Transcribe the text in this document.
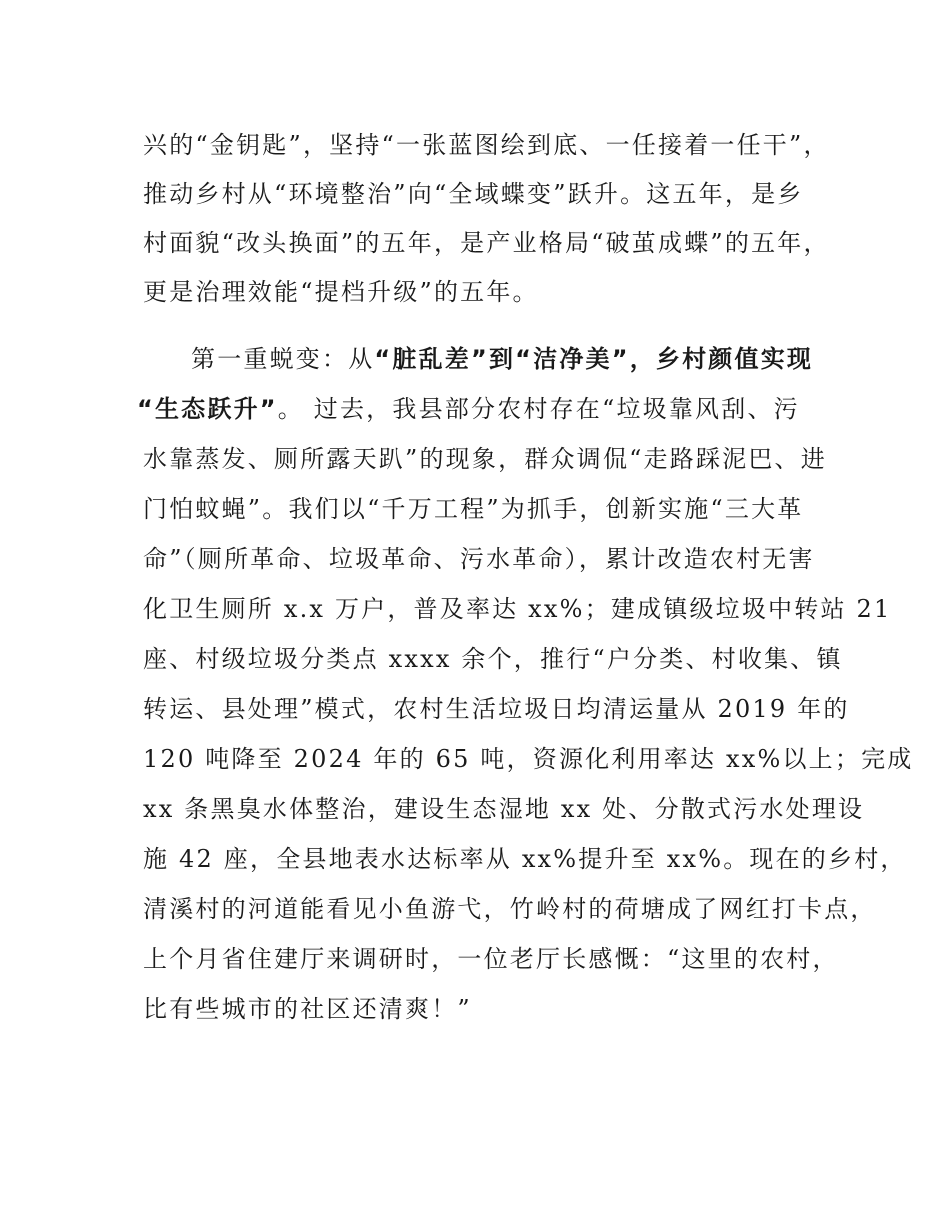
兴的“金钥匙”，坚持“一张蓝图绘到底、一任接着一任干”，
推动乡村从“环境整治”向“全域蝶变”跃升。这五年，是乡
村面貌“改头换面”的五年，是产业格局“破茧成蝶”的五年，
更是治理效能“提档升级”的五年。
第一重蜕变：从“脏乱差”到“洁净美”，乡村颜值实现
“生态跃升”。 过去，我县部分农村存在“垃圾靠风刮、污
水靠蒸发、厕所露天趴”的现象，群众调侃“走路踩泥巴、进
门怕蚊蝇”。我们以“千万工程”为抓手，创新实施“三大革
命”（厕所革命、垃圾革命、污水革命），累计改造农村无害
化卫生厕所 x.x 万户，普及率达 xx%；建成镇级垃圾中转站 21
座、村级垃圾分类点 xxxx 余个，推行“户分类、村收集、镇
转运、县处理”模式，农村生活垃圾日均清运量从 2019 年的
120 吨降至 2024 年的 65 吨，资源化利用率达 xx%以上；完成
xx 条黑臭水体整治，建设生态湿地 xx 处、分散式污水处理设
施 42 座，全县地表水达标率从 xx%提升至 xx%。现在的乡村，
清溪村的河道能看见小鱼游弋，竹岭村的荷塘成了网红打卡点，
上个月省住建厅来调研时，一位老厅长感慨：“这里的农村，
比有些城市的社区还清爽！”
